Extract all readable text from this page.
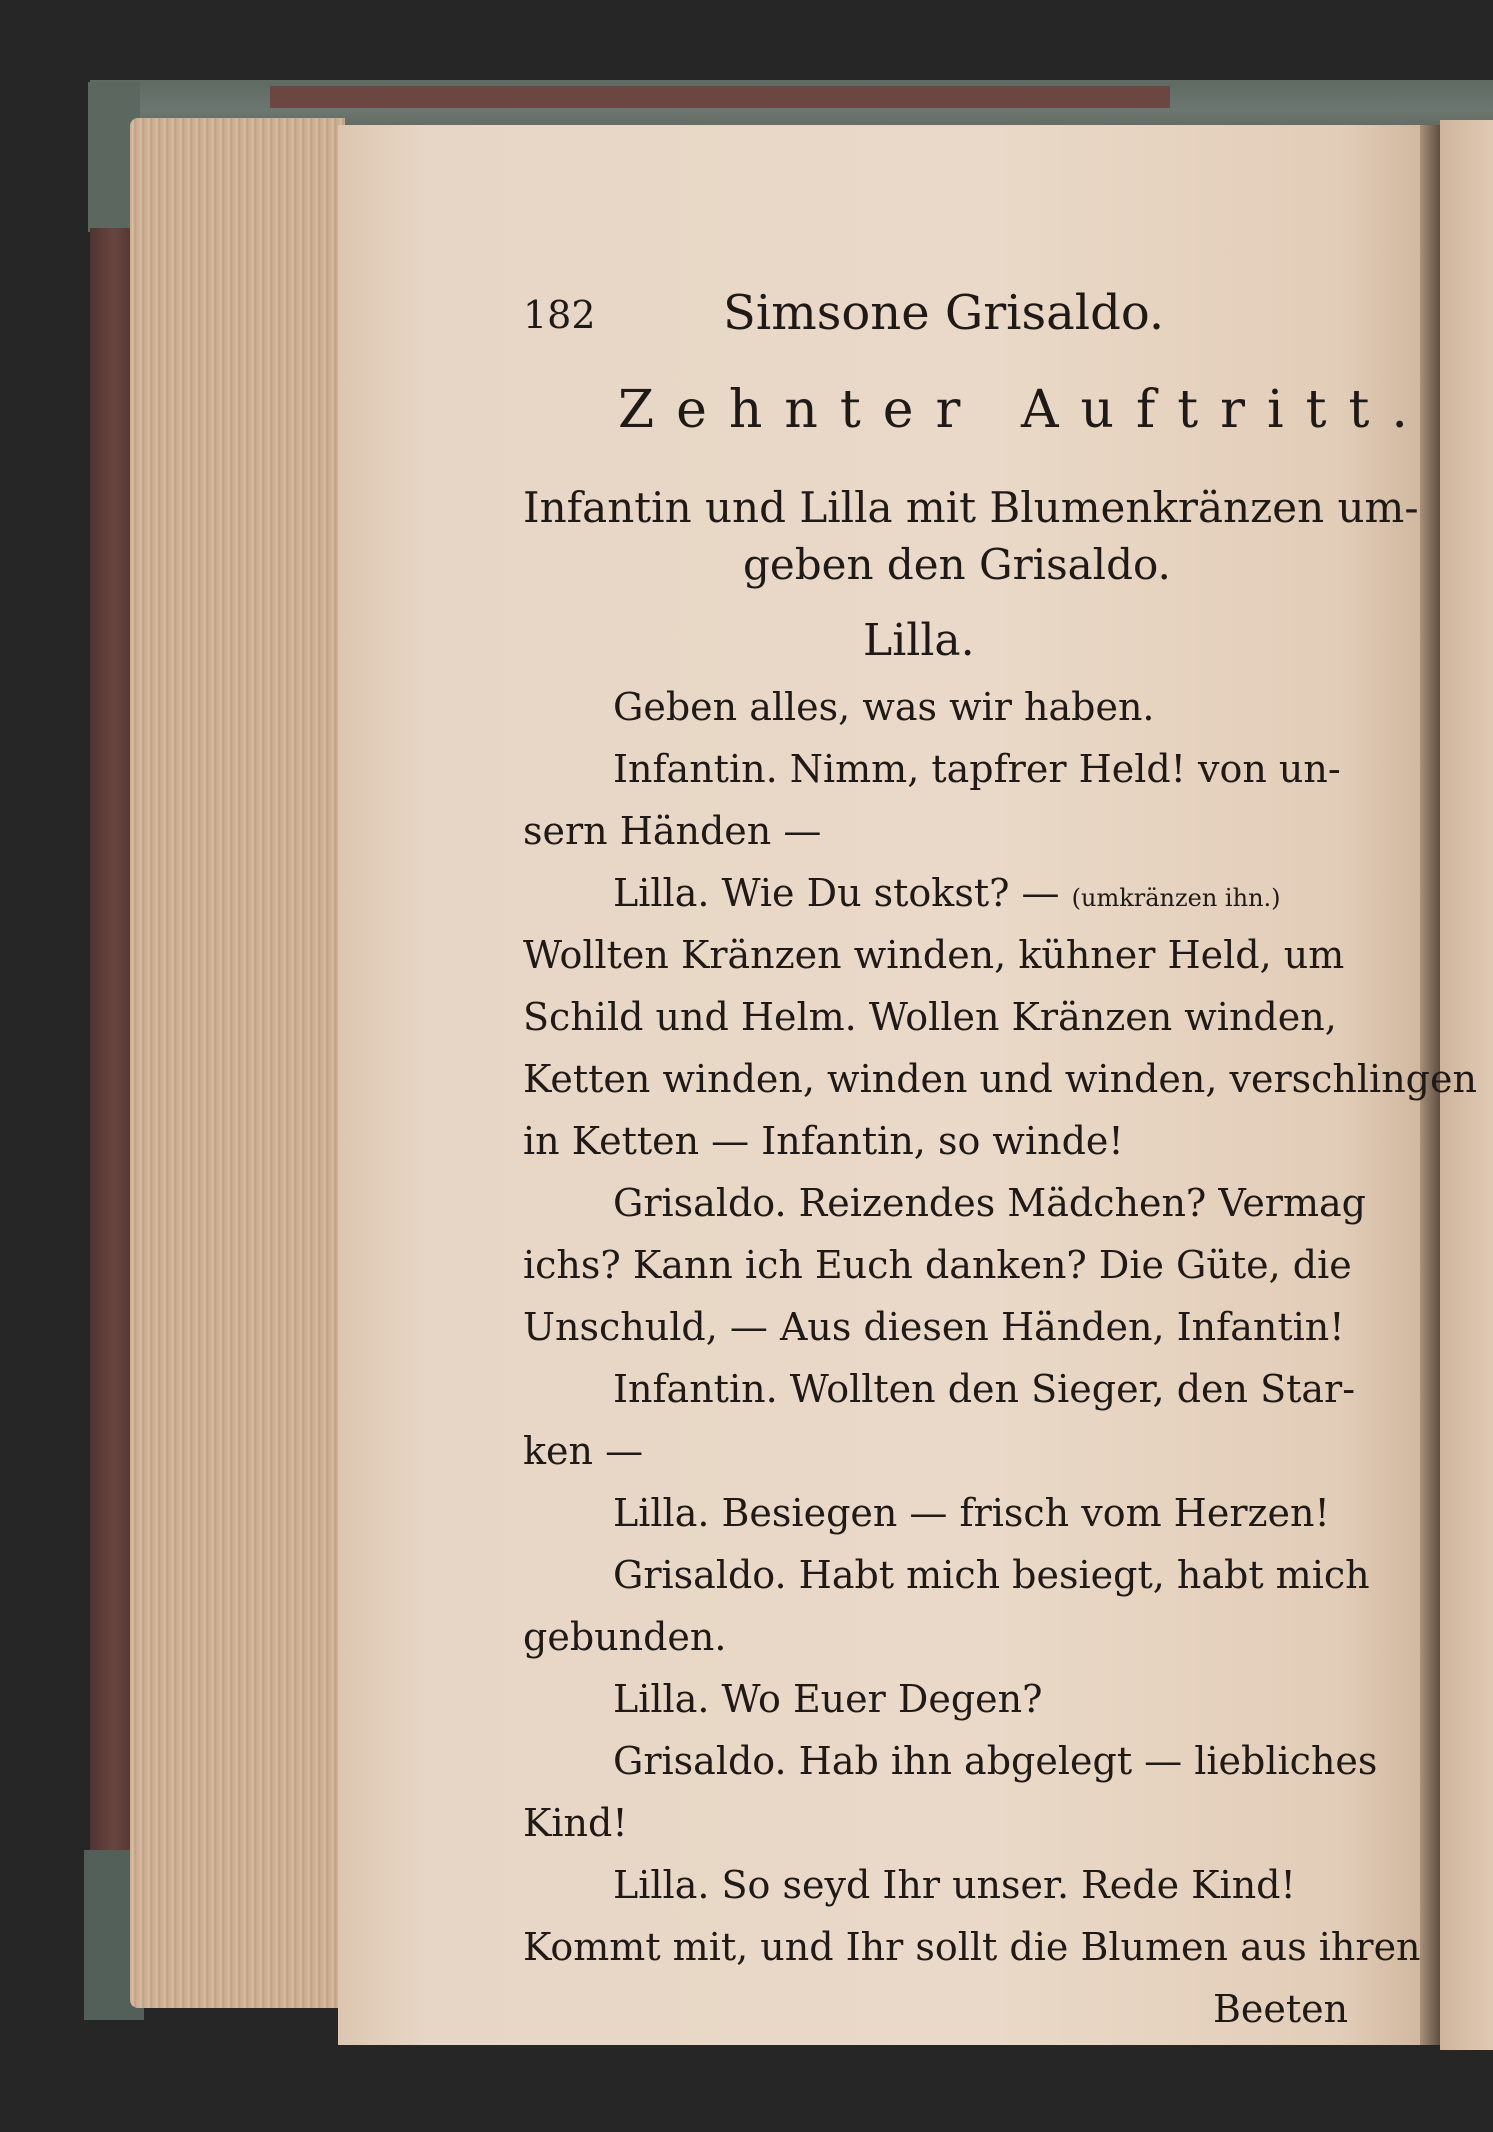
182	Simsone Grisaldo.
Zehnter Auftritt.
Infantin und Lilla mit Blumenkränzen um-
geben den Grisaldo.
Lilla.
Geben alles, was wir haben.
Infantin. Nimm, tapfrer Held! von un-
sern Händen —
Lilla. Wie Du stokst? — (umkränzen ihn.)
Wollten Kränzen winden, kühner Held, um
Schild und Helm. Wollen Kränzen winden,
Ketten winden, winden und winden, verschlingen
in Ketten — Infantin, so winde!
Grisaldo. Reizendes Mädchen? Vermag
ichs? Kann ich Euch danken? Die Güte, die
Unschuld, — Aus diesen Händen, Infantin!
Infantin. Wollten den Sieger, den Star-
ken —
Lilla. Besiegen — frisch vom Herzen!
Grisaldo. Habt mich besiegt, habt mich
gebunden.
Lilla. Wo Euer Degen?
Grisaldo. Hab ihn abgelegt — liebliches
Kind!
Lilla. So seyd Ihr unser. Rede Kind!
Kommt mit, und Ihr sollt die Blumen aus ihren
Beeten
